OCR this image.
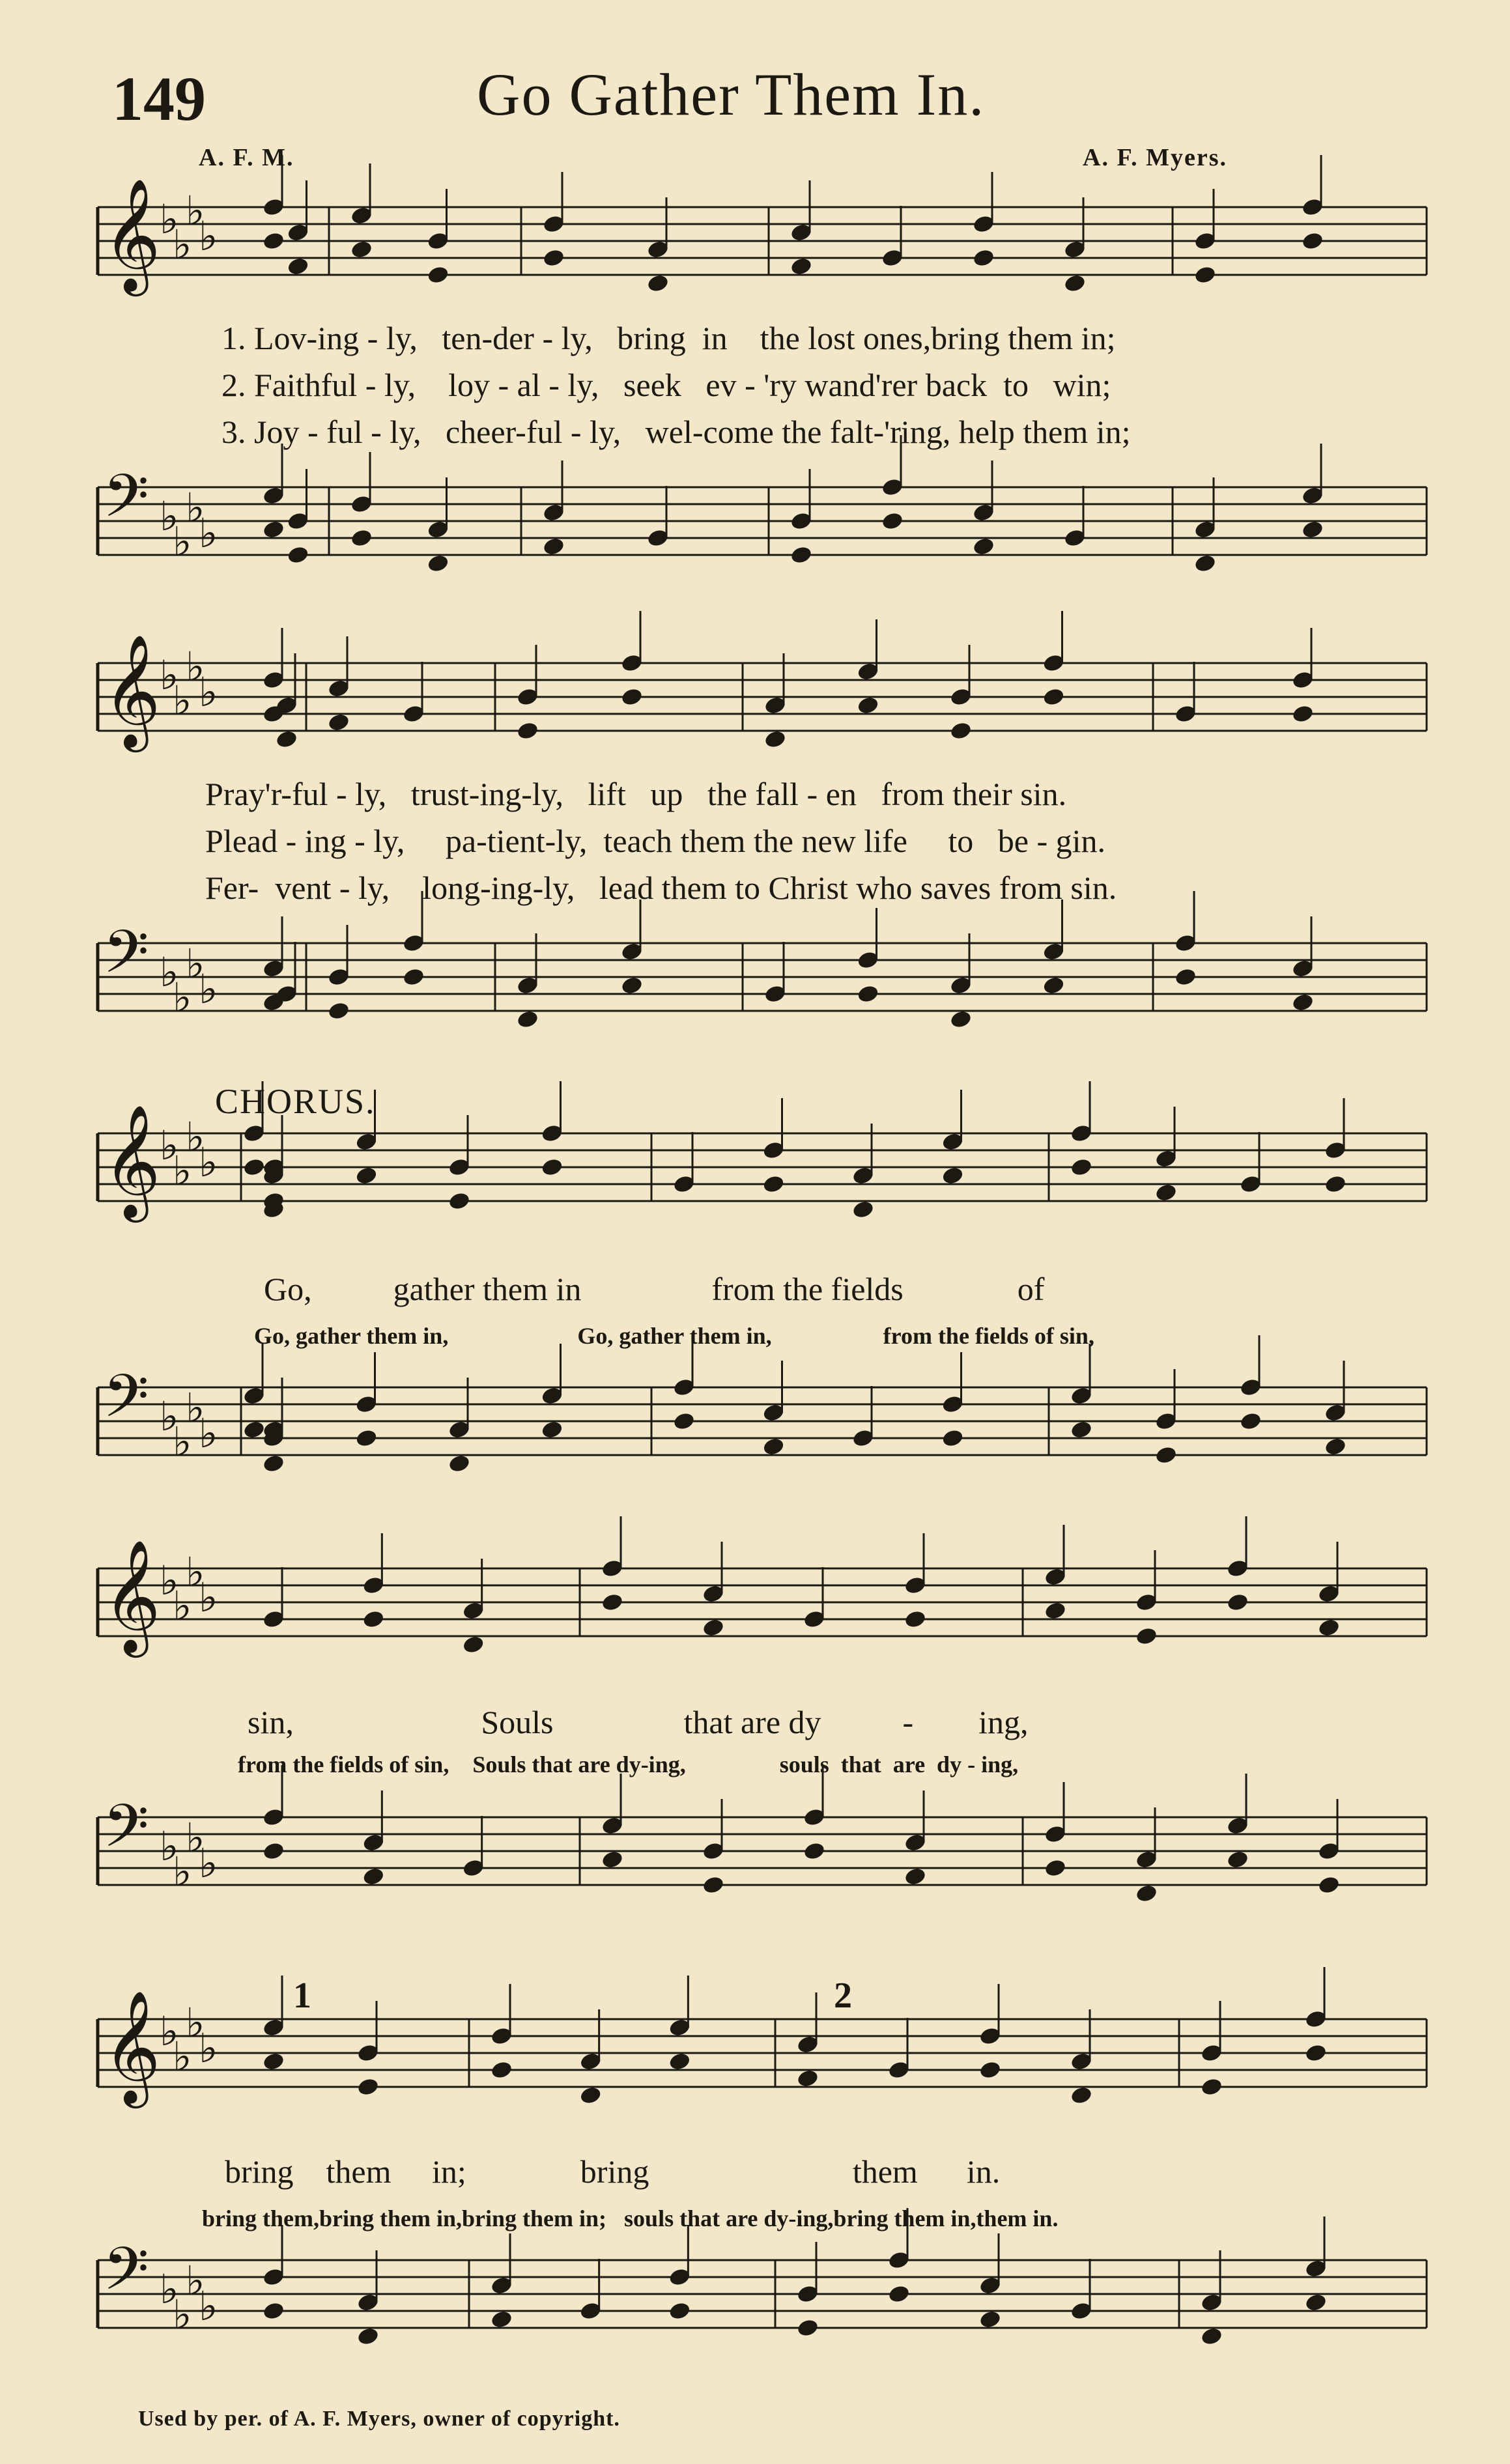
149	Go Gather Them In.
A. F. M.	A. F. Myers.
𝄞
♭
♭
♭
♭
𝄢 ♭
♭
♭
♭
1. Lov-ing - ly,   ten-der - ly,   bring  in    the lost ones,bring them in;
2. Faithful - ly,    loy - al - ly,   seek   ev - 'ry wand'rer back  to   win;
3. Joy - ful - ly,   cheer-ful - ly,   wel-come the falt-'ring, help them in;
𝄞
♭
♭
♭
♭
𝄢 ♭
♭
♭
♭
Pray'r-ful - ly,   trust-ing-ly,   lift   up   the fall - en   from their sin.
Plead - ing - ly,     pa-tient-ly,  teach them the new life     to   be - gin.
Fer-  vent - ly,    long-ing-ly,   lead them to Christ who saves from sin.
CHORUS.
𝄞
♭
♭
♭
♭
Go,          gather them in                from the fields              of
Go, gather them in,                      Go, gather them in,                   from the fields of sin,
𝄢 ♭
♭
♭
♭
𝄞
♭
♭
♭
♭
sin,                       Souls                that are dy          -        ing,
from the fields of sin,    Souls that are dy-ing,                souls  that  are  dy - ing,
𝄢 ♭
♭
♭
♭
1	2
𝄞
♭
♭
♭
♭
bring    them     in;              bring                         them      in.
bring them,bring them in,bring them in;   souls that are dy-ing,bring them in,them in.
𝄢 ♭
♭
♭
♭
Used by per. of A. F. Myers, owner of copyright.
